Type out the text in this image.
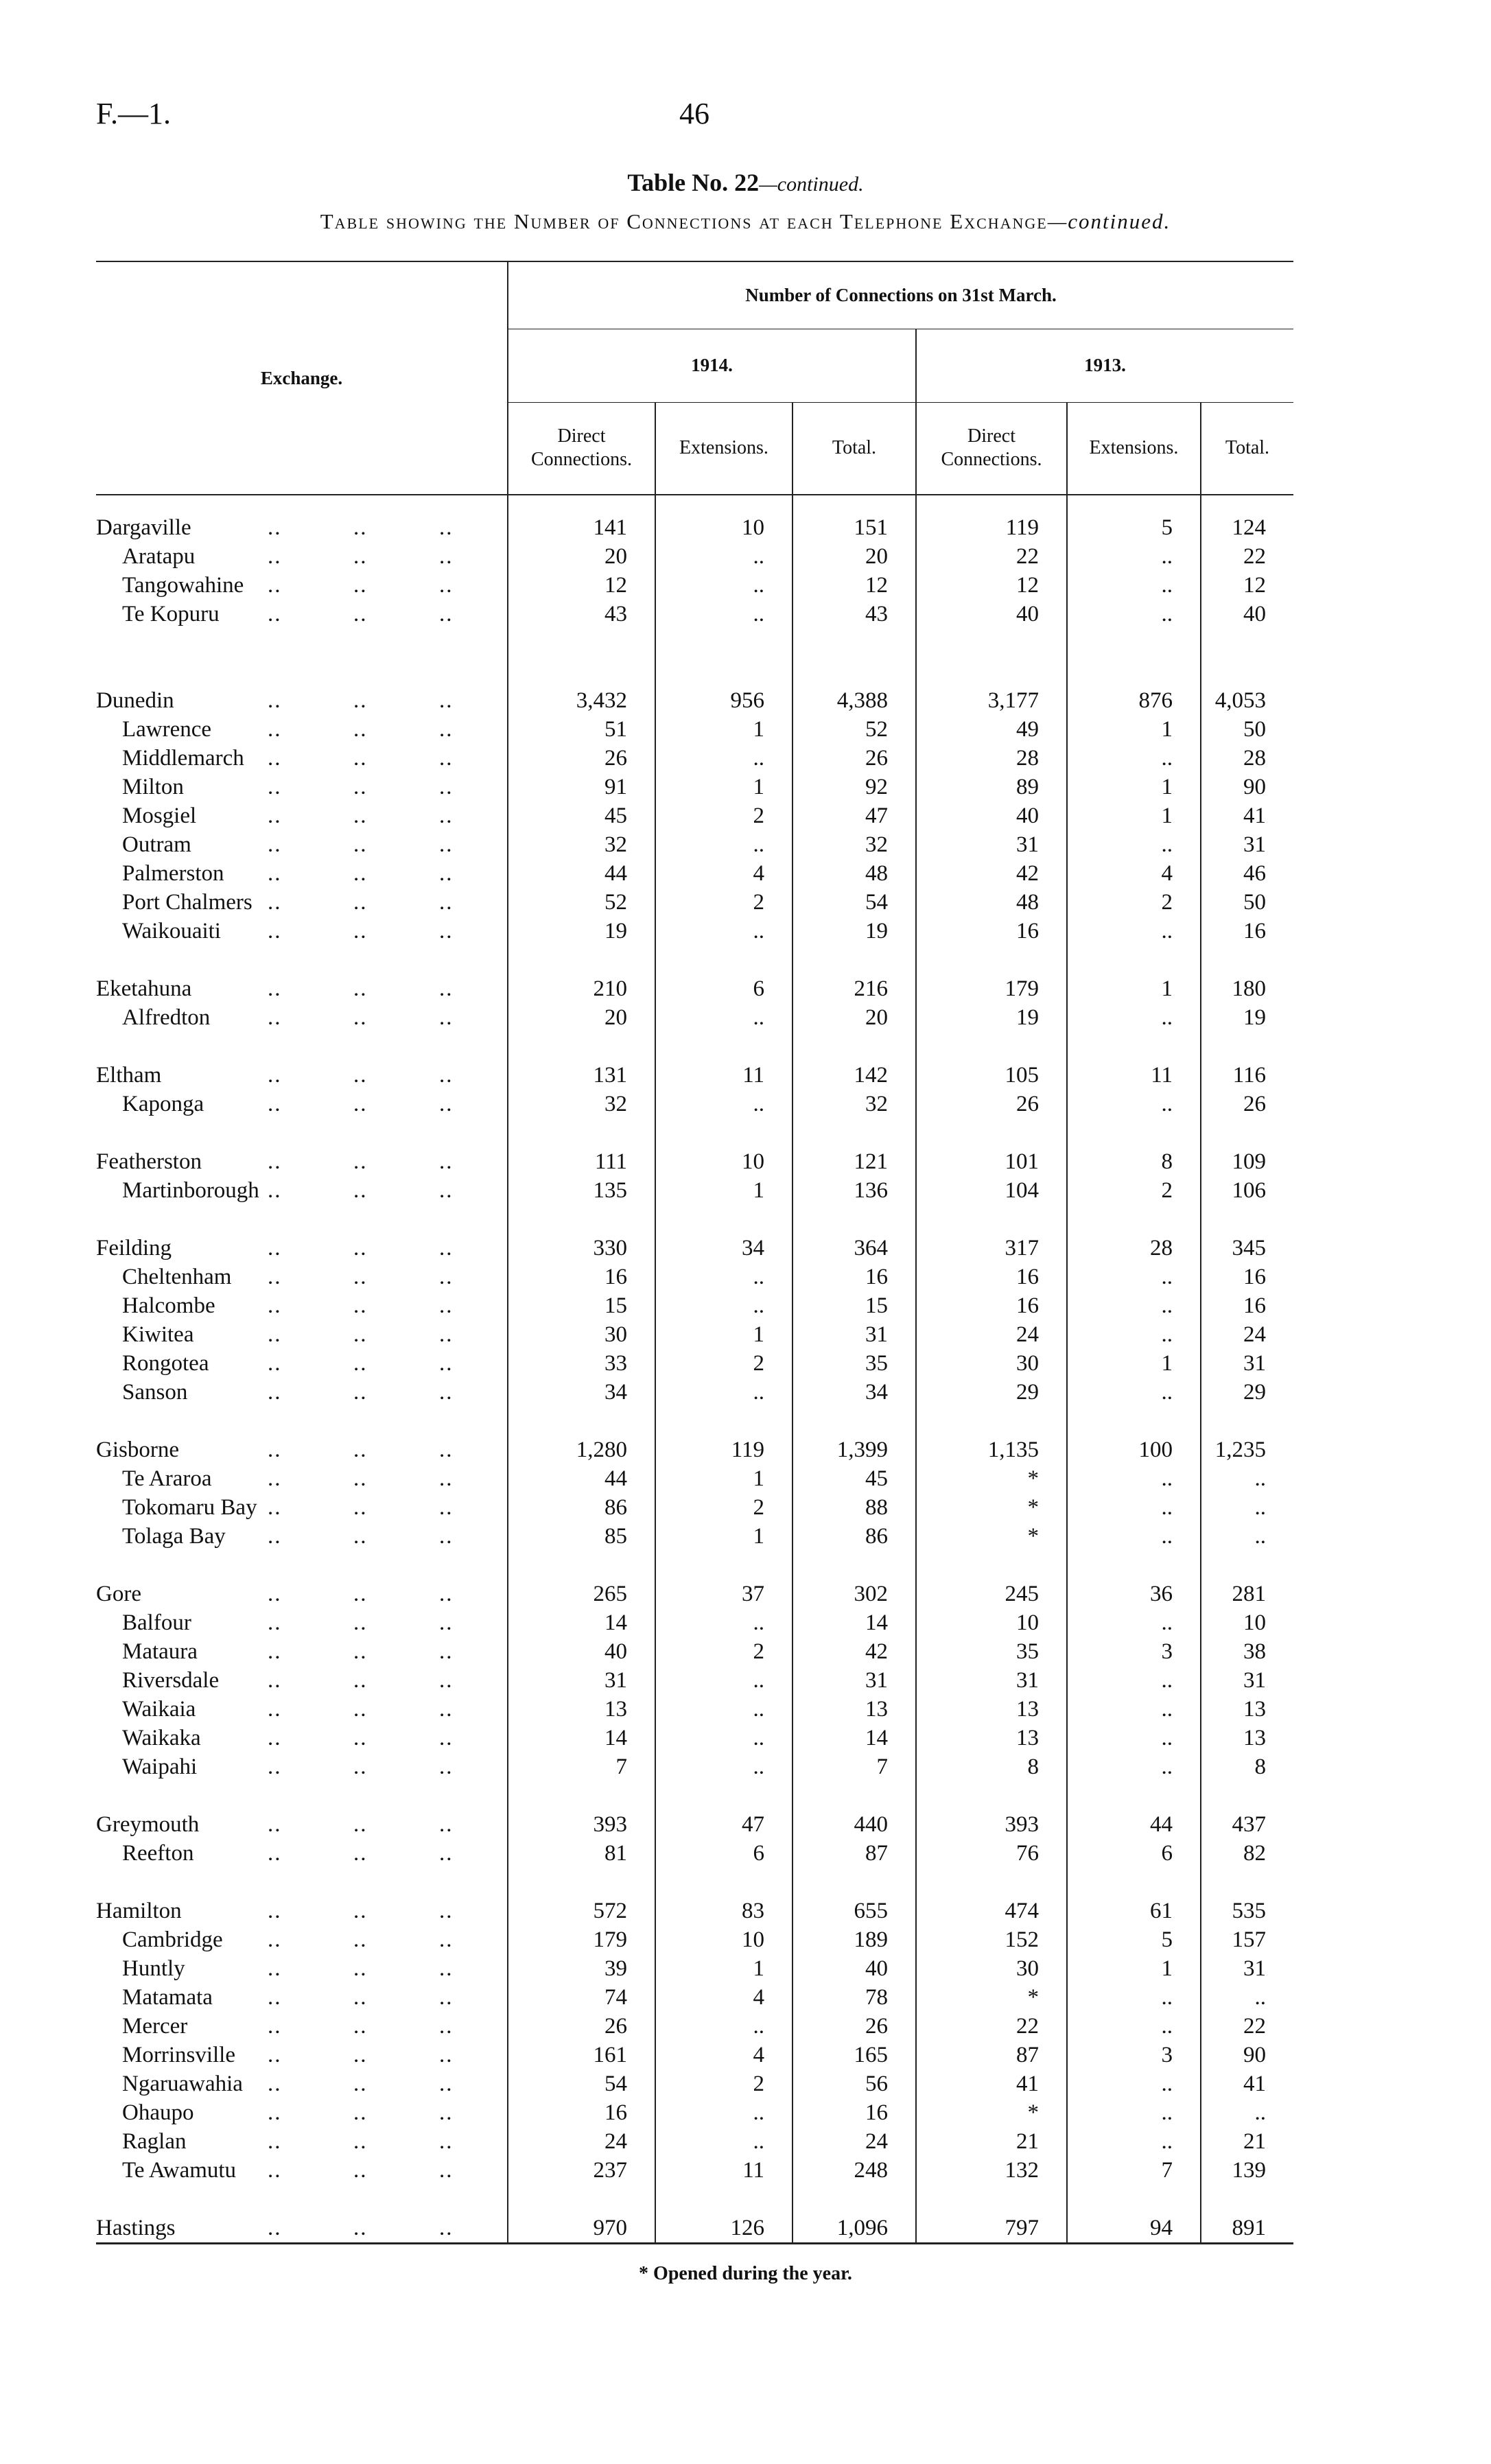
F.—1.	46
Table No. 22—continued.
Table showing the Number of Connections at each Telephone Exchange—continued.
Exchange.	Number of Connections on 31st March.					
	1914.			1913.		
	Direct Connections.	Extensions.	Total.	Direct Connections.	Extensions.	Total.

Dargaville .. .. ..	141	10	151	119	5	124

Aratapu .. .. ..	20	..	20	22	..	22

Tangowahine .. .. ..	12	..	12	12	..	12

Te Kopuru .. .. ..	43	..	43	40	..	40

Dunedin .. .. ..	3,432	956	4,388	3,177	876	4,053

Lawrence .. .. ..	51	1	52	49	1	50

Middlemarch .. .. ..	26	..	26	28	..	28

Milton .. .. ..	91	1	92	89	1	90

Mosgiel .. .. ..	45	2	47	40	1	41

Outram .. .. ..	32	..	32	31	..	31

Palmerston .. .. ..	44	4	48	42	4	46

Port Chalmers .. .. ..	52	2	54	48	2	50

Waikouaiti .. .. ..	19	..	19	16	..	16

Eketahuna .. .. ..	210	6	216	179	1	180

Alfredton .. .. ..	20	..	20	19	..	19

Eltham .. .. ..	131	11	142	105	11	116

Kaponga .. .. ..	32	..	32	26	..	26

Featherston .. .. ..	111	10	121	101	8	109

Martinborough .. .. ..	135	1	136	104	2	106

Feilding .. .. ..	330	34	364	317	28	345

Cheltenham .. .. ..	16	..	16	16	..	16

Halcombe .. .. ..	15	..	15	16	..	16

Kiwitea .. .. ..	30	1	31	24	..	24

Rongotea .. .. ..	33	2	35	30	1	31

Sanson .. .. ..	34	..	34	29	..	29

Gisborne .. .. ..	1,280	119	1,399	1,135	100	1,235

Te Araroa .. .. ..	44	1	45	*	..	..

Tokomaru Bay .. .. ..	86	2	88	*	..	..

Tolaga Bay .. .. ..	85	1	86	*	..	..

Gore .. .. ..	265	37	302	245	36	281

Balfour .. .. ..	14	..	14	10	..	10

Mataura .. .. ..	40	2	42	35	3	38

Riversdale .. .. ..	31	..	31	31	..	31

Waikaia .. .. ..	13	..	13	13	..	13

Waikaka .. .. ..	14	..	14	13	..	13

Waipahi .. .. ..	7	..	7	8	..	8

Greymouth .. .. ..	393	47	440	393	44	437

Reefton .. .. ..	81	6	87	76	6	82

Hamilton .. .. ..	572	83	655	474	61	535

Cambridge .. .. ..	179	10	189	152	5	157

Huntly .. .. ..	39	1	40	30	1	31

Matamata .. .. ..	74	4	78	*	..	..

Mercer .. .. ..	26	..	26	22	..	22

Morrinsville .. .. ..	161	4	165	87	3	90

Ngaruawahia .. .. ..	54	2	56	41	..	41

Ohaupo .. .. ..	16	..	16	*	..	..

Raglan .. .. ..	24	..	24	21	..	21

Te Awamutu .. .. ..	237	11	248	132	7	139

Hastings .. .. ..	970	126	1,096	797	94	891
* Opened during the year.
